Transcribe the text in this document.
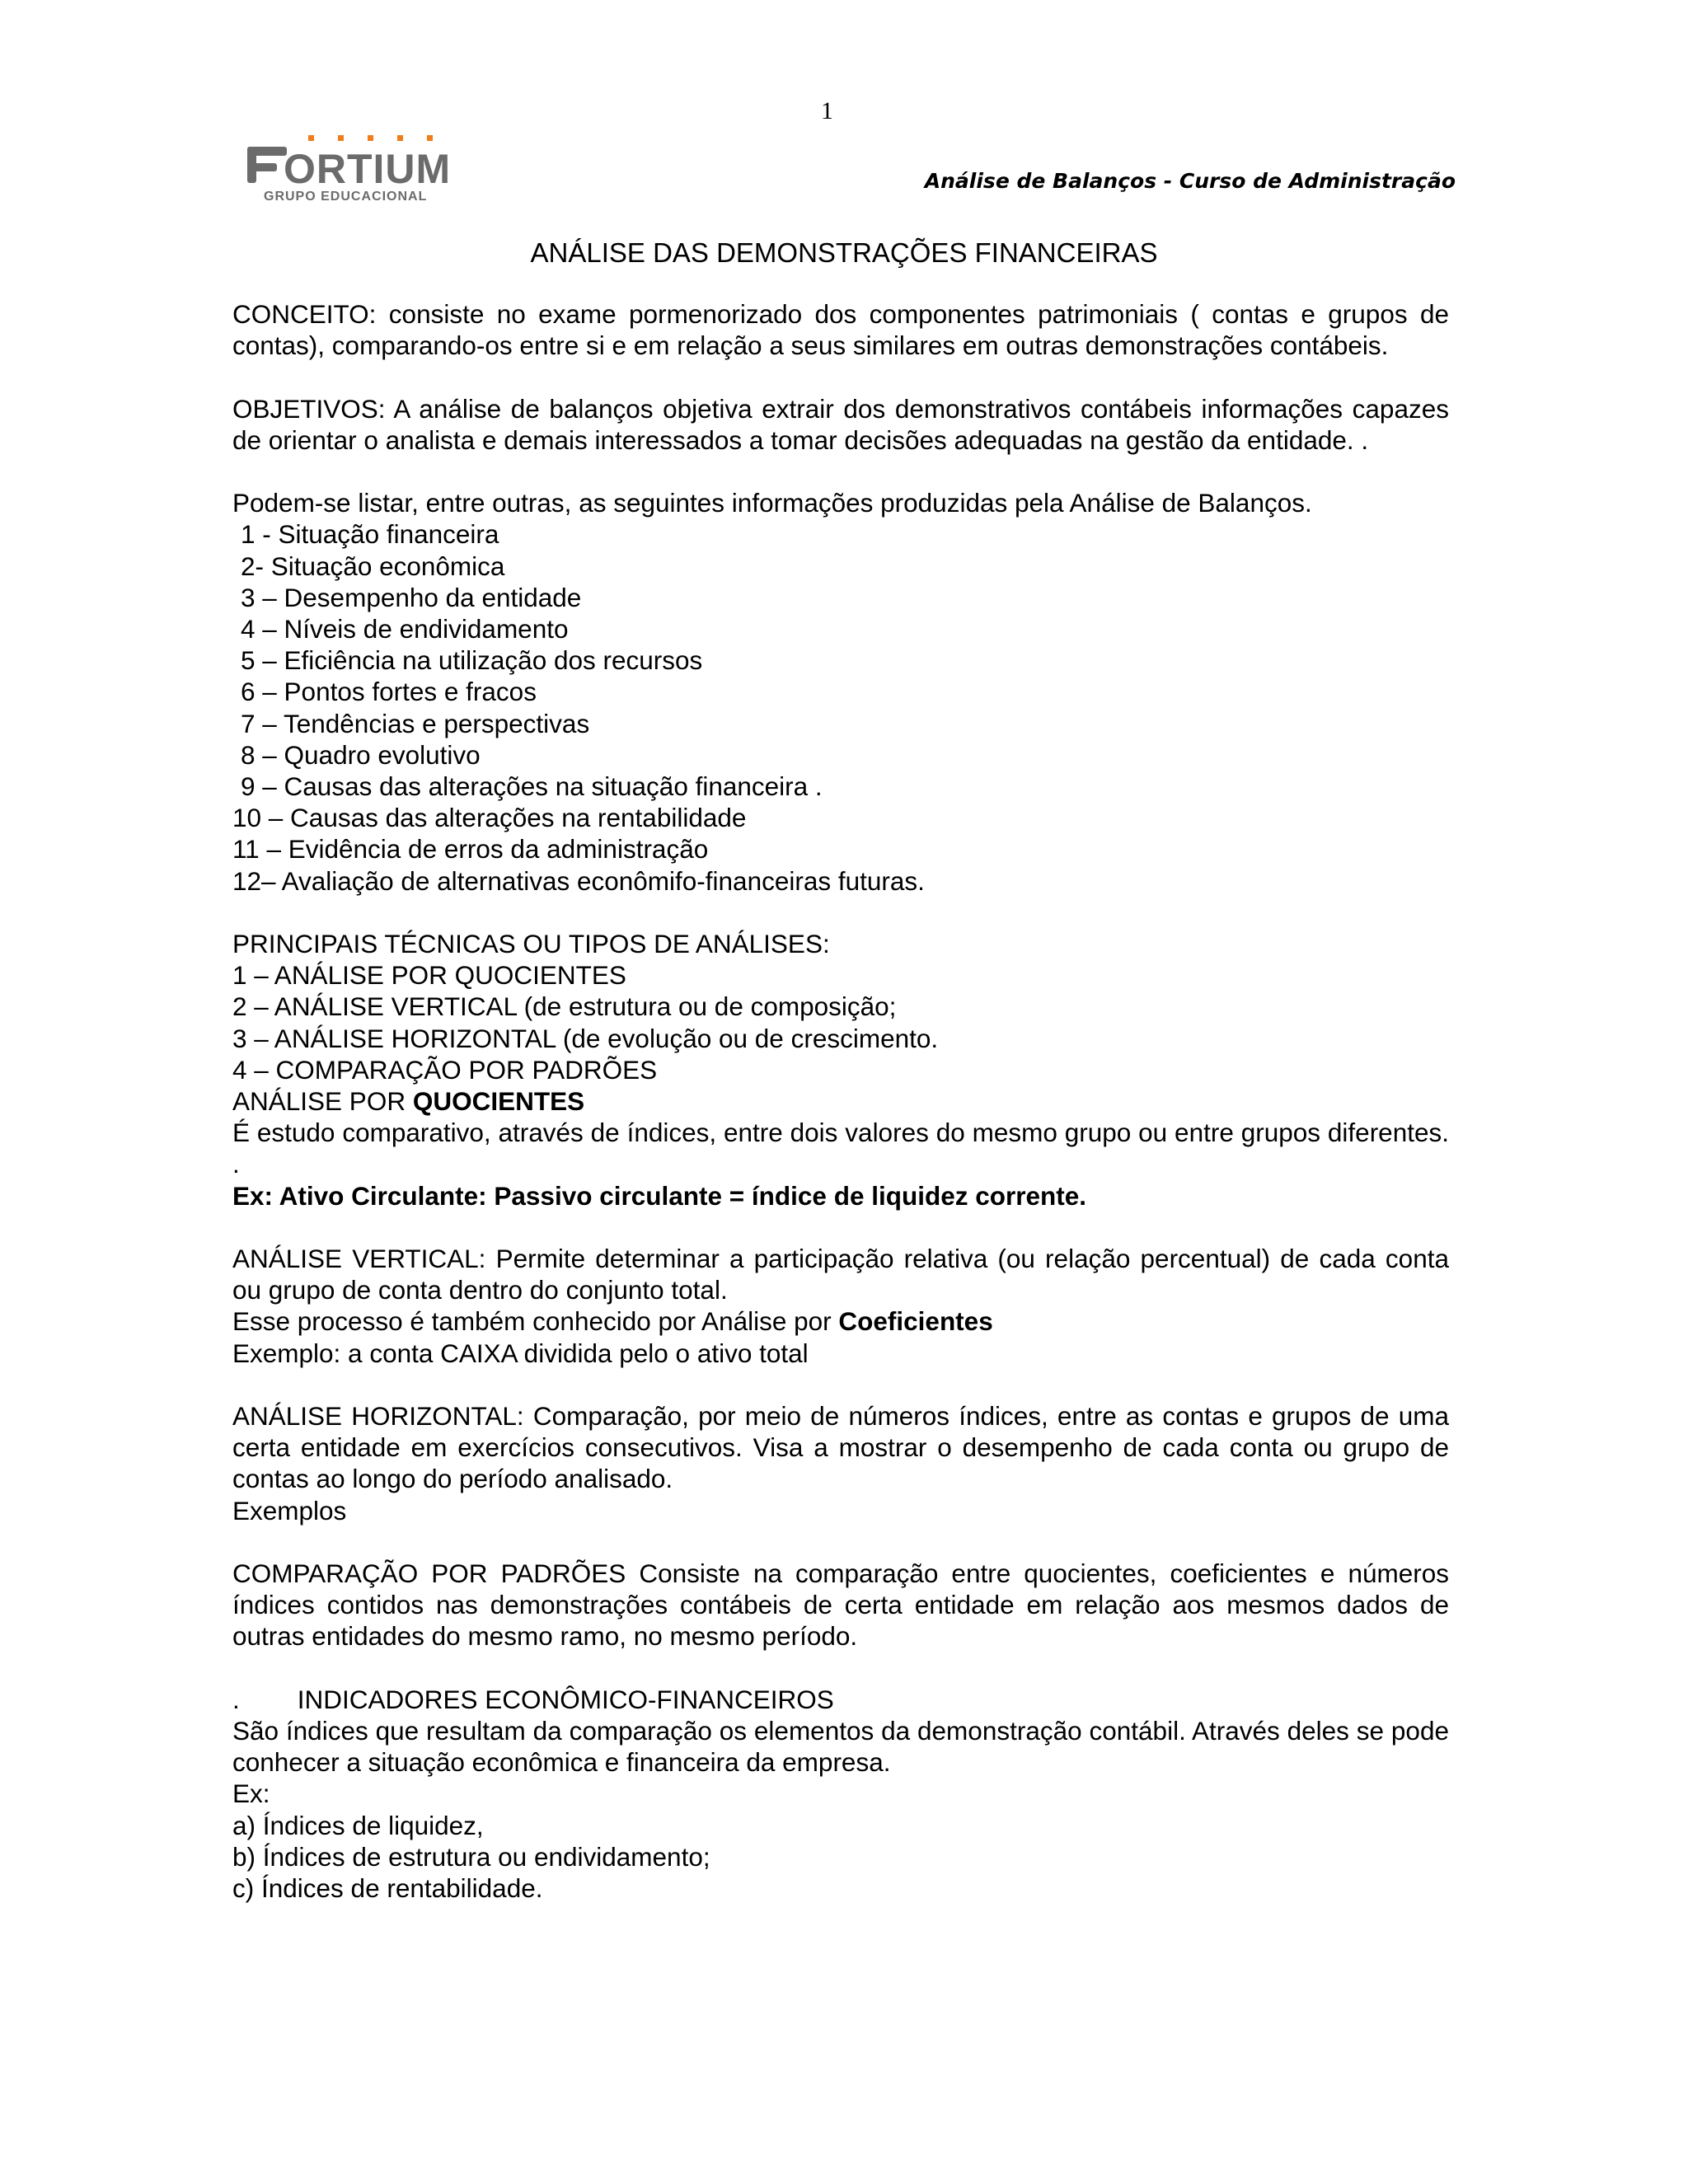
1
ORTIUM
GRUPO EDUCACIONAL
Análise de Balanços - Curso de Administração
ANÁLISE DAS DEMONSTRAÇÕES FINANCEIRAS

CONCEITO: consiste no exame pormenorizado dos componentes patrimoniais ( contas e grupos de contas), comparando-os entre si e em relação a seus similares em outras demonstrações contábeis.

OBJETIVOS: A análise de balanços objetiva extrair dos demonstrativos contábeis informações capazes de orientar o analista e demais interessados a tomar decisões adequadas na gestão da entidade. .

Podem-se listar, entre outras, as seguintes informações produzidas pela Análise de Balanços.

1 - Situação financeira

2- Situação econômica

3 – Desempenho da entidade

4 – Níveis de endividamento

5 – Eficiência na utilização dos recursos

6 – Pontos fortes e fracos

7 – Tendências e perspectivas

8 – Quadro evolutivo

9 – Causas das alterações na situação financeira .

10 – Causas das alterações na rentabilidade

11 – Evidência de erros da administração

12– Avaliação de alternativas econômifo-financeiras futuras.

PRINCIPAIS TÉCNICAS OU TIPOS DE ANÁLISES:

1 – ANÁLISE POR QUOCIENTES

2 – ANÁLISE VERTICAL (de estrutura ou de composição;

3 – ANÁLISE HORIZONTAL (de evolução ou de crescimento.

4 – COMPARAÇÃO POR PADRÕES

ANÁLISE POR QUOCIENTES

É estudo comparativo, através de índices, entre dois valores do mesmo grupo ou entre grupos diferentes. .

Ex: Ativo Circulante: Passivo circulante = índice de liquidez corrente.

ANÁLISE VERTICAL: Permite determinar a participação relativa (ou relação percentual) de cada conta ou grupo de conta dentro do conjunto total.

Esse processo é também conhecido por Análise por Coeficientes

Exemplo: a conta CAIXA dividida pelo o ativo total

ANÁLISE HORIZONTAL: Comparação, por meio de números índices, entre as contas e grupos de uma certa entidade em exercícios consecutivos. Visa a mostrar o desempenho de cada conta ou grupo de contas ao longo do período analisado.

Exemplos

COMPARAÇÃO POR PADRÕES Consiste na comparação entre quocientes, coeficientes e números índices contidos nas demonstrações contábeis de certa entidade em relação aos mesmos dados de outras entidades do mesmo ramo, no mesmo período.

. INDICADORES ECONÔMICO-FINANCEIROS

São índices que resultam da comparação os elementos da demonstração contábil. Através deles se pode conhecer a situação econômica e financeira da empresa.

Ex:

a) Índices de liquidez,

b) Índices de estrutura ou endividamento;

c) Índices de rentabilidade.
